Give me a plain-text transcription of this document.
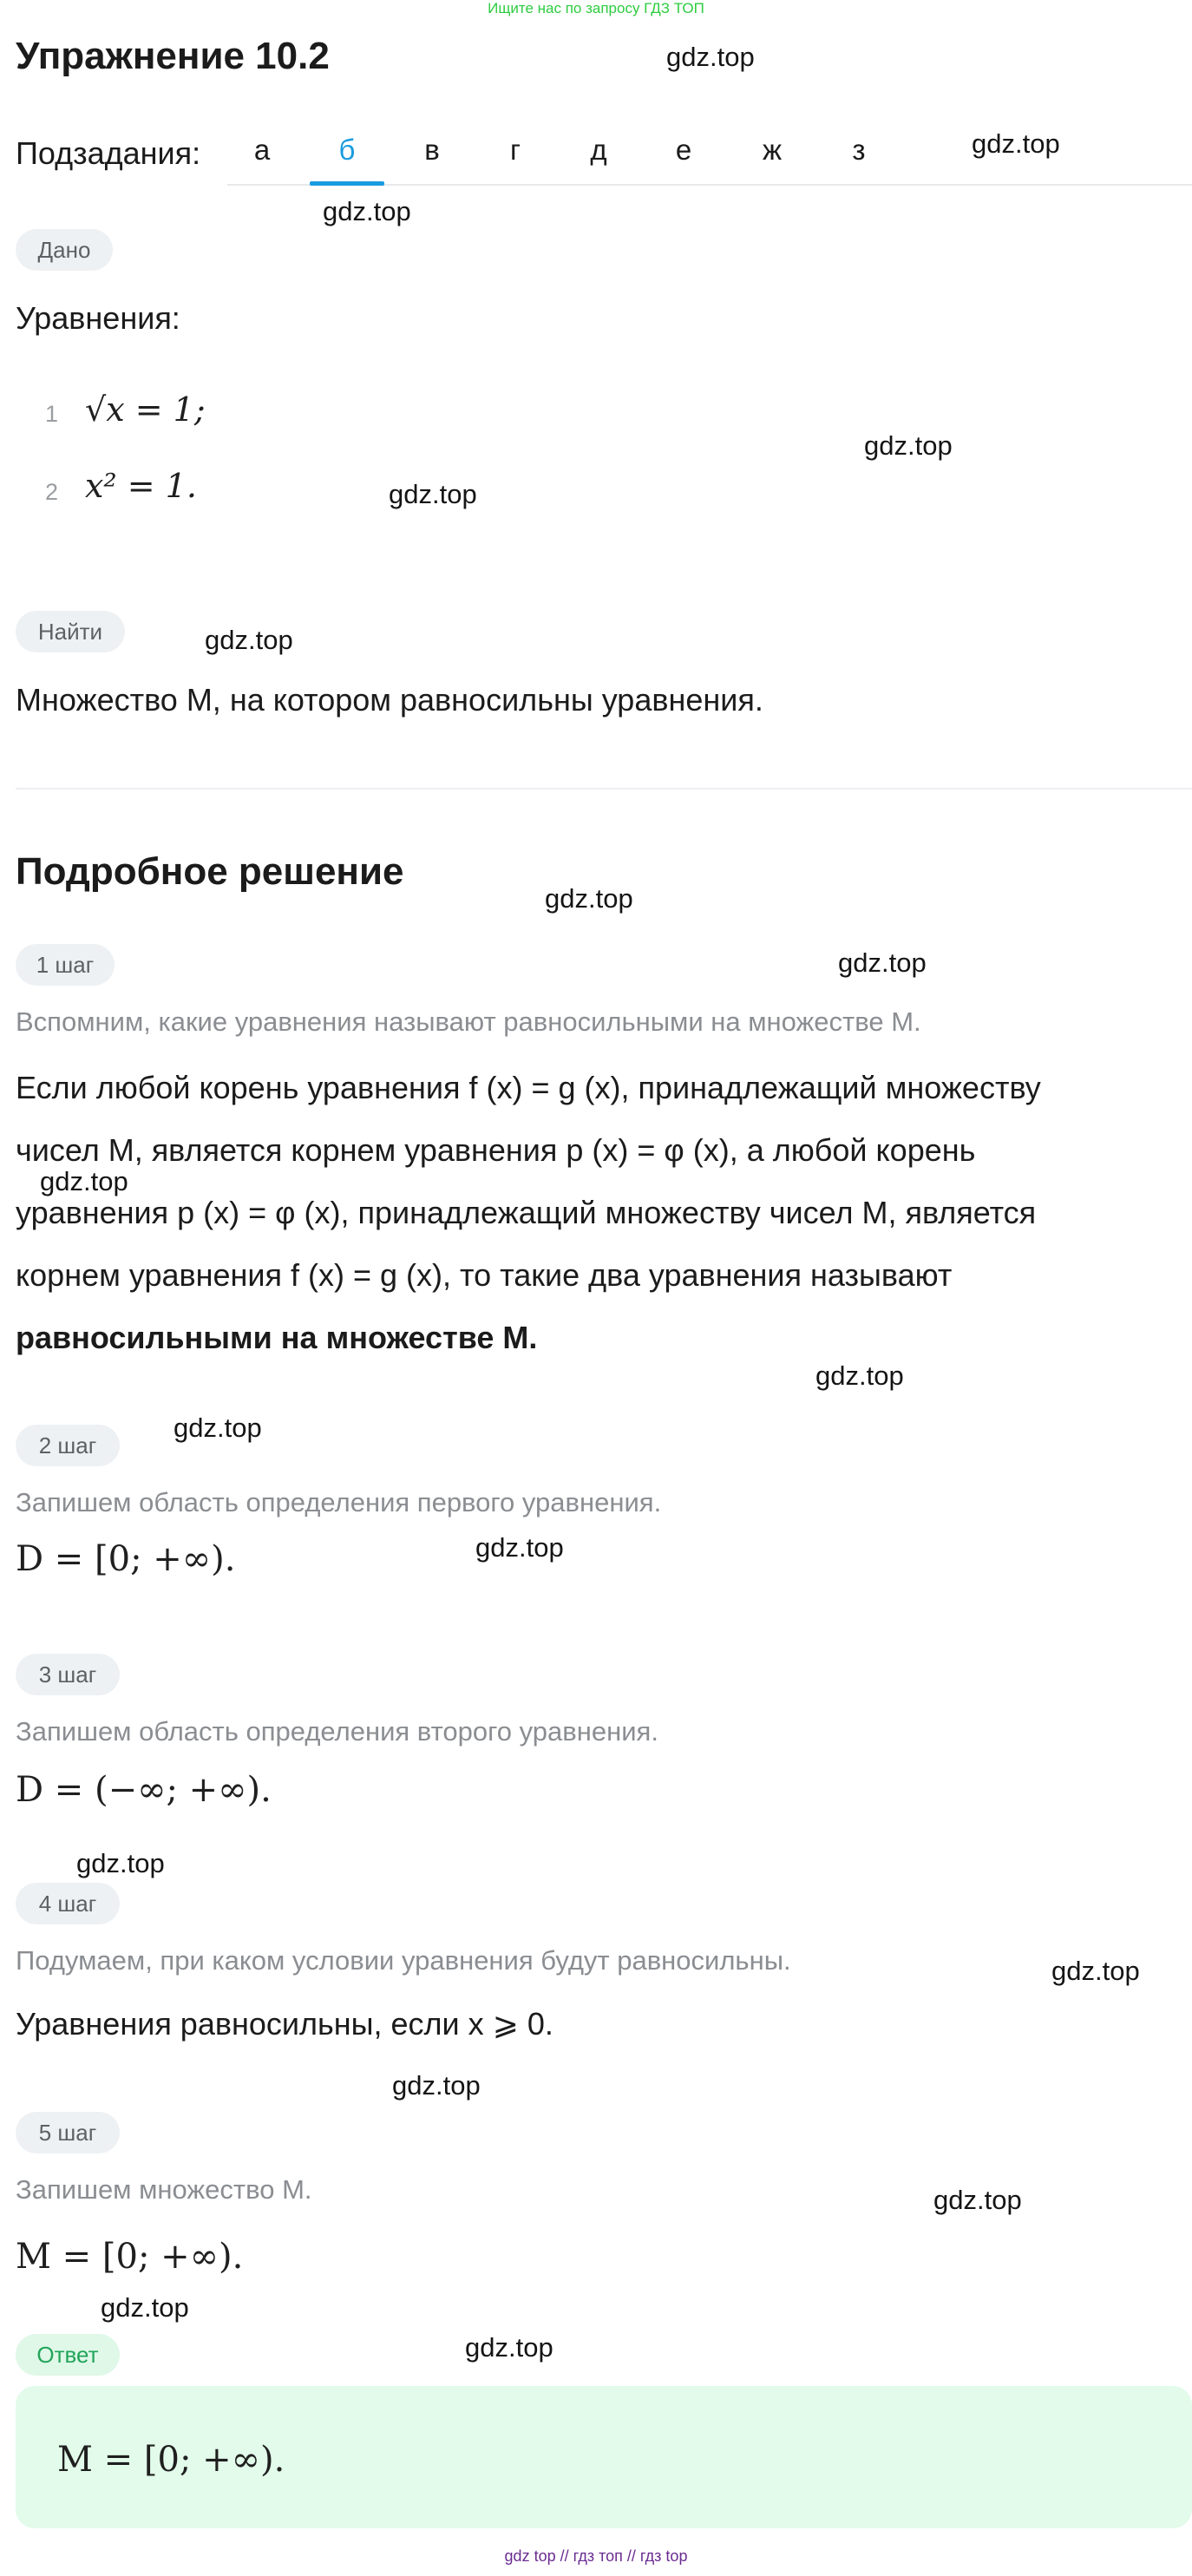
Ищите нас по запросу ГДЗ ТОП
Упражнение 10.2
Подзадания:	а	б	в	г	д	е	ж	з
Дано
Уравнения:
1 √x = 1;
2 x² = 1.
Найти
Множество M, на котором равносильны уравнения.
Подробное решение
1 шаг
Вспомним, какие уравнения называют равносильными на множестве M.
Если любой корень уравнения f (x) = g (x), принадлежащий множеству
чисел M, является корнем уравнения p (x) = φ (x), а любой корень
уравнения p (x) = φ (x), принадлежащий множеству чисел M, является
корнем уравнения f (x) = g (x), то такие два уравнения называют
равносильными на множестве M.
2 шаг
Запишем область определения первого уравнения.
D = [0; +∞).
3 шаг
Запишем область определения второго уравнения.
D = (−∞; +∞).
4 шаг
Подумаем, при каком условии уравнения будут равносильны.
Уравнения равносильны, если x ⩾ 0.
5 шаг
Запишем множество M.
M = [0; +∞).
Ответ
M = [0; +∞).
gdz.top
gdz.top
gdz.top
gdz.top
gdz.top
gdz.top
gdz.top
gdz.top
gdz.top
gdz.top
gdz.top
gdz.top
gdz.top
gdz.top
gdz.top
gdz.top
gdz.top
gdz.top
gdz top // гдз топ // гдз top
